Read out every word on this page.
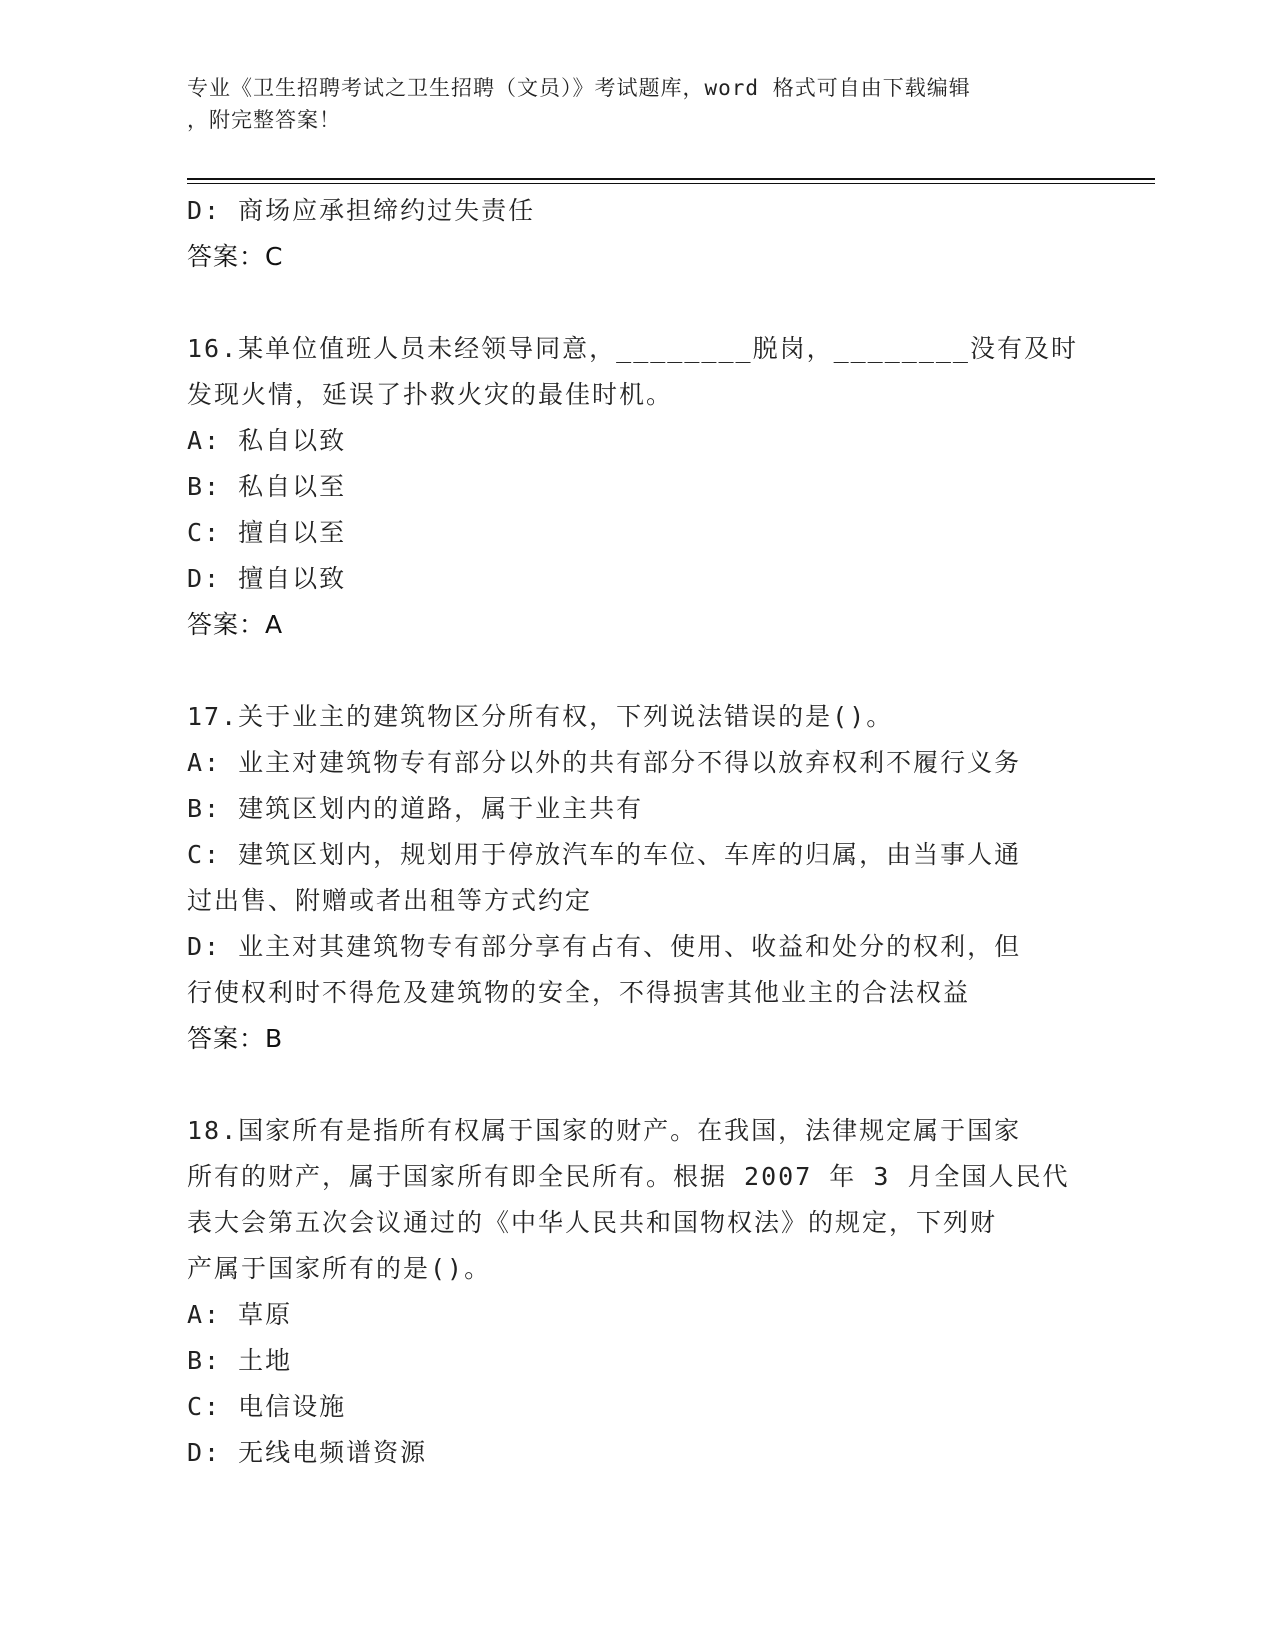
专业《卫生招聘考试之卫生招聘（文员）》考试题库，word 格式可自由下载编辑
，附完整答案！
D: 商场应承担缔约过失责任
答案：C
16.某单位值班人员未经领导同意，________脱岗，________没有及时
发现火情，延误了扑救火灾的最佳时机。
A: 私自以致
B: 私自以至
C: 擅自以至
D: 擅自以致
答案：A
17.关于业主的建筑物区分所有权，下列说法错误的是()。
A: 业主对建筑物专有部分以外的共有部分不得以放弃权利不履行义务
B: 建筑区划内的道路，属于业主共有
C: 建筑区划内，规划用于停放汽车的车位、车库的归属，由当事人通
过出售、附赠或者出租等方式约定
D: 业主对其建筑物专有部分享有占有、使用、收益和处分的权利，但
行使权利时不得危及建筑物的安全，不得损害其他业主的合法权益
答案：B
18.国家所有是指所有权属于国家的财产。在我国，法律规定属于国家
所有的财产，属于国家所有即全民所有。根据 2007 年 3 月全国人民代
表大会第五次会议通过的《中华人民共和国物权法》的规定，下列财
产属于国家所有的是()。
A: 草原
B: 土地
C: 电信设施
D: 无线电频谱资源
